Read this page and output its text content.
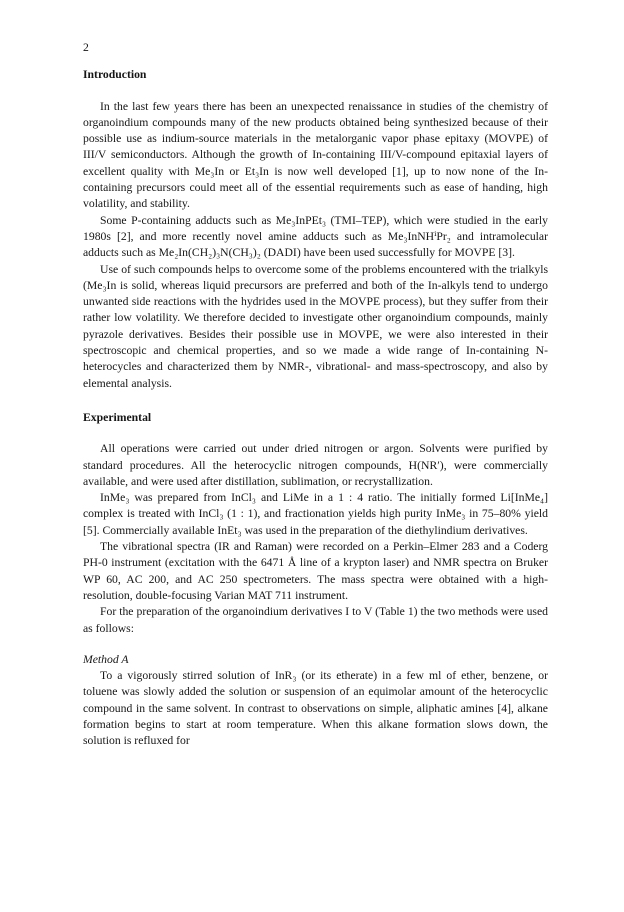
2
Introduction

In the last few years there has been an unexpected renaissance in studies of the chemistry of organoindium compounds many of the new products obtained being synthesized because of their possible use as indium-source materials in the metalorganic vapor phase epitaxy (MOVPE) of III/V semiconductors. Although the growth of In-containing III/V-compound epitaxial layers of excellent quality with Me₃In or Et₃In is now well developed [1], up to now none of the In-containing precursors could meet all of the essential requirements such as ease of handing, high volatility, and stability.

Some P-containing adducts such as Me₃InPEt₃ (TMI–TEP), which were studied in the early 1980s [2], and more recently novel amine adducts such as Me₃InNHⁱPr₂ and intramolecular adducts such as Me₂In(CH₂)₃N(CH₃)₂ (DADI) have been used successfully for MOVPE [3].

Use of such compounds helps to overcome some of the problems encountered with the trialkyls (Me₃In is solid, whereas liquid precursors are preferred and both of the In-alkyls tend to undergo unwanted side reactions with the hydrides used in the MOVPE process), but they suffer from their rather low volatility. We therefore decided to investigate other organoindium compounds, mainly pyrazole derivatives. Besides their possible use in MOVPE, we were also interested in their spectroscopic and chemical properties, and so we made a wide range of In-containing N-heterocycles and characterized them by NMR-, vibrational- and mass-spectroscopy, and also by elemental analysis.

Experimental

All operations were carried out under dried nitrogen or argon. Solvents were purified by standard procedures. All the heterocyclic nitrogen compounds, H(NR′), were commercially available, and were used after distillation, sublimation, or recrystallization.

InMe₃ was prepared from InCl₃ and LiMe in a 1 : 4 ratio. The initially formed Li[InMe₄] complex is treated with InCl₃ (1 : 1), and fractionation yields high purity InMe₃ in 75–80% yield [5]. Commercially available InEt₃ was used in the preparation of the diethylindium derivatives.

The vibrational spectra (IR and Raman) were recorded on a Perkin–Elmer 283 and a Coderg PH-0 instrument (excitation with the 6471 Å line of a krypton laser) and NMR spectra on Bruker WP 60, AC 200, and AC 250 spectrometers. The mass spectra were obtained with a high-resolution, double-focusing Varian MAT 711 instrument.

For the preparation of the organoindium derivatives I to V (Table 1) the two methods were used as follows:

Method A

To a vigorously stirred solution of InR₃ (or its etherate) in a few ml of ether, benzene, or toluene was slowly added the solution or suspension of an equimolar amount of the heterocyclic compound in the same solvent. In contrast to observations on simple, aliphatic amines [4], alkane formation begins to start at room temperature. When this alkane formation slows down, the solution is refluxed for
